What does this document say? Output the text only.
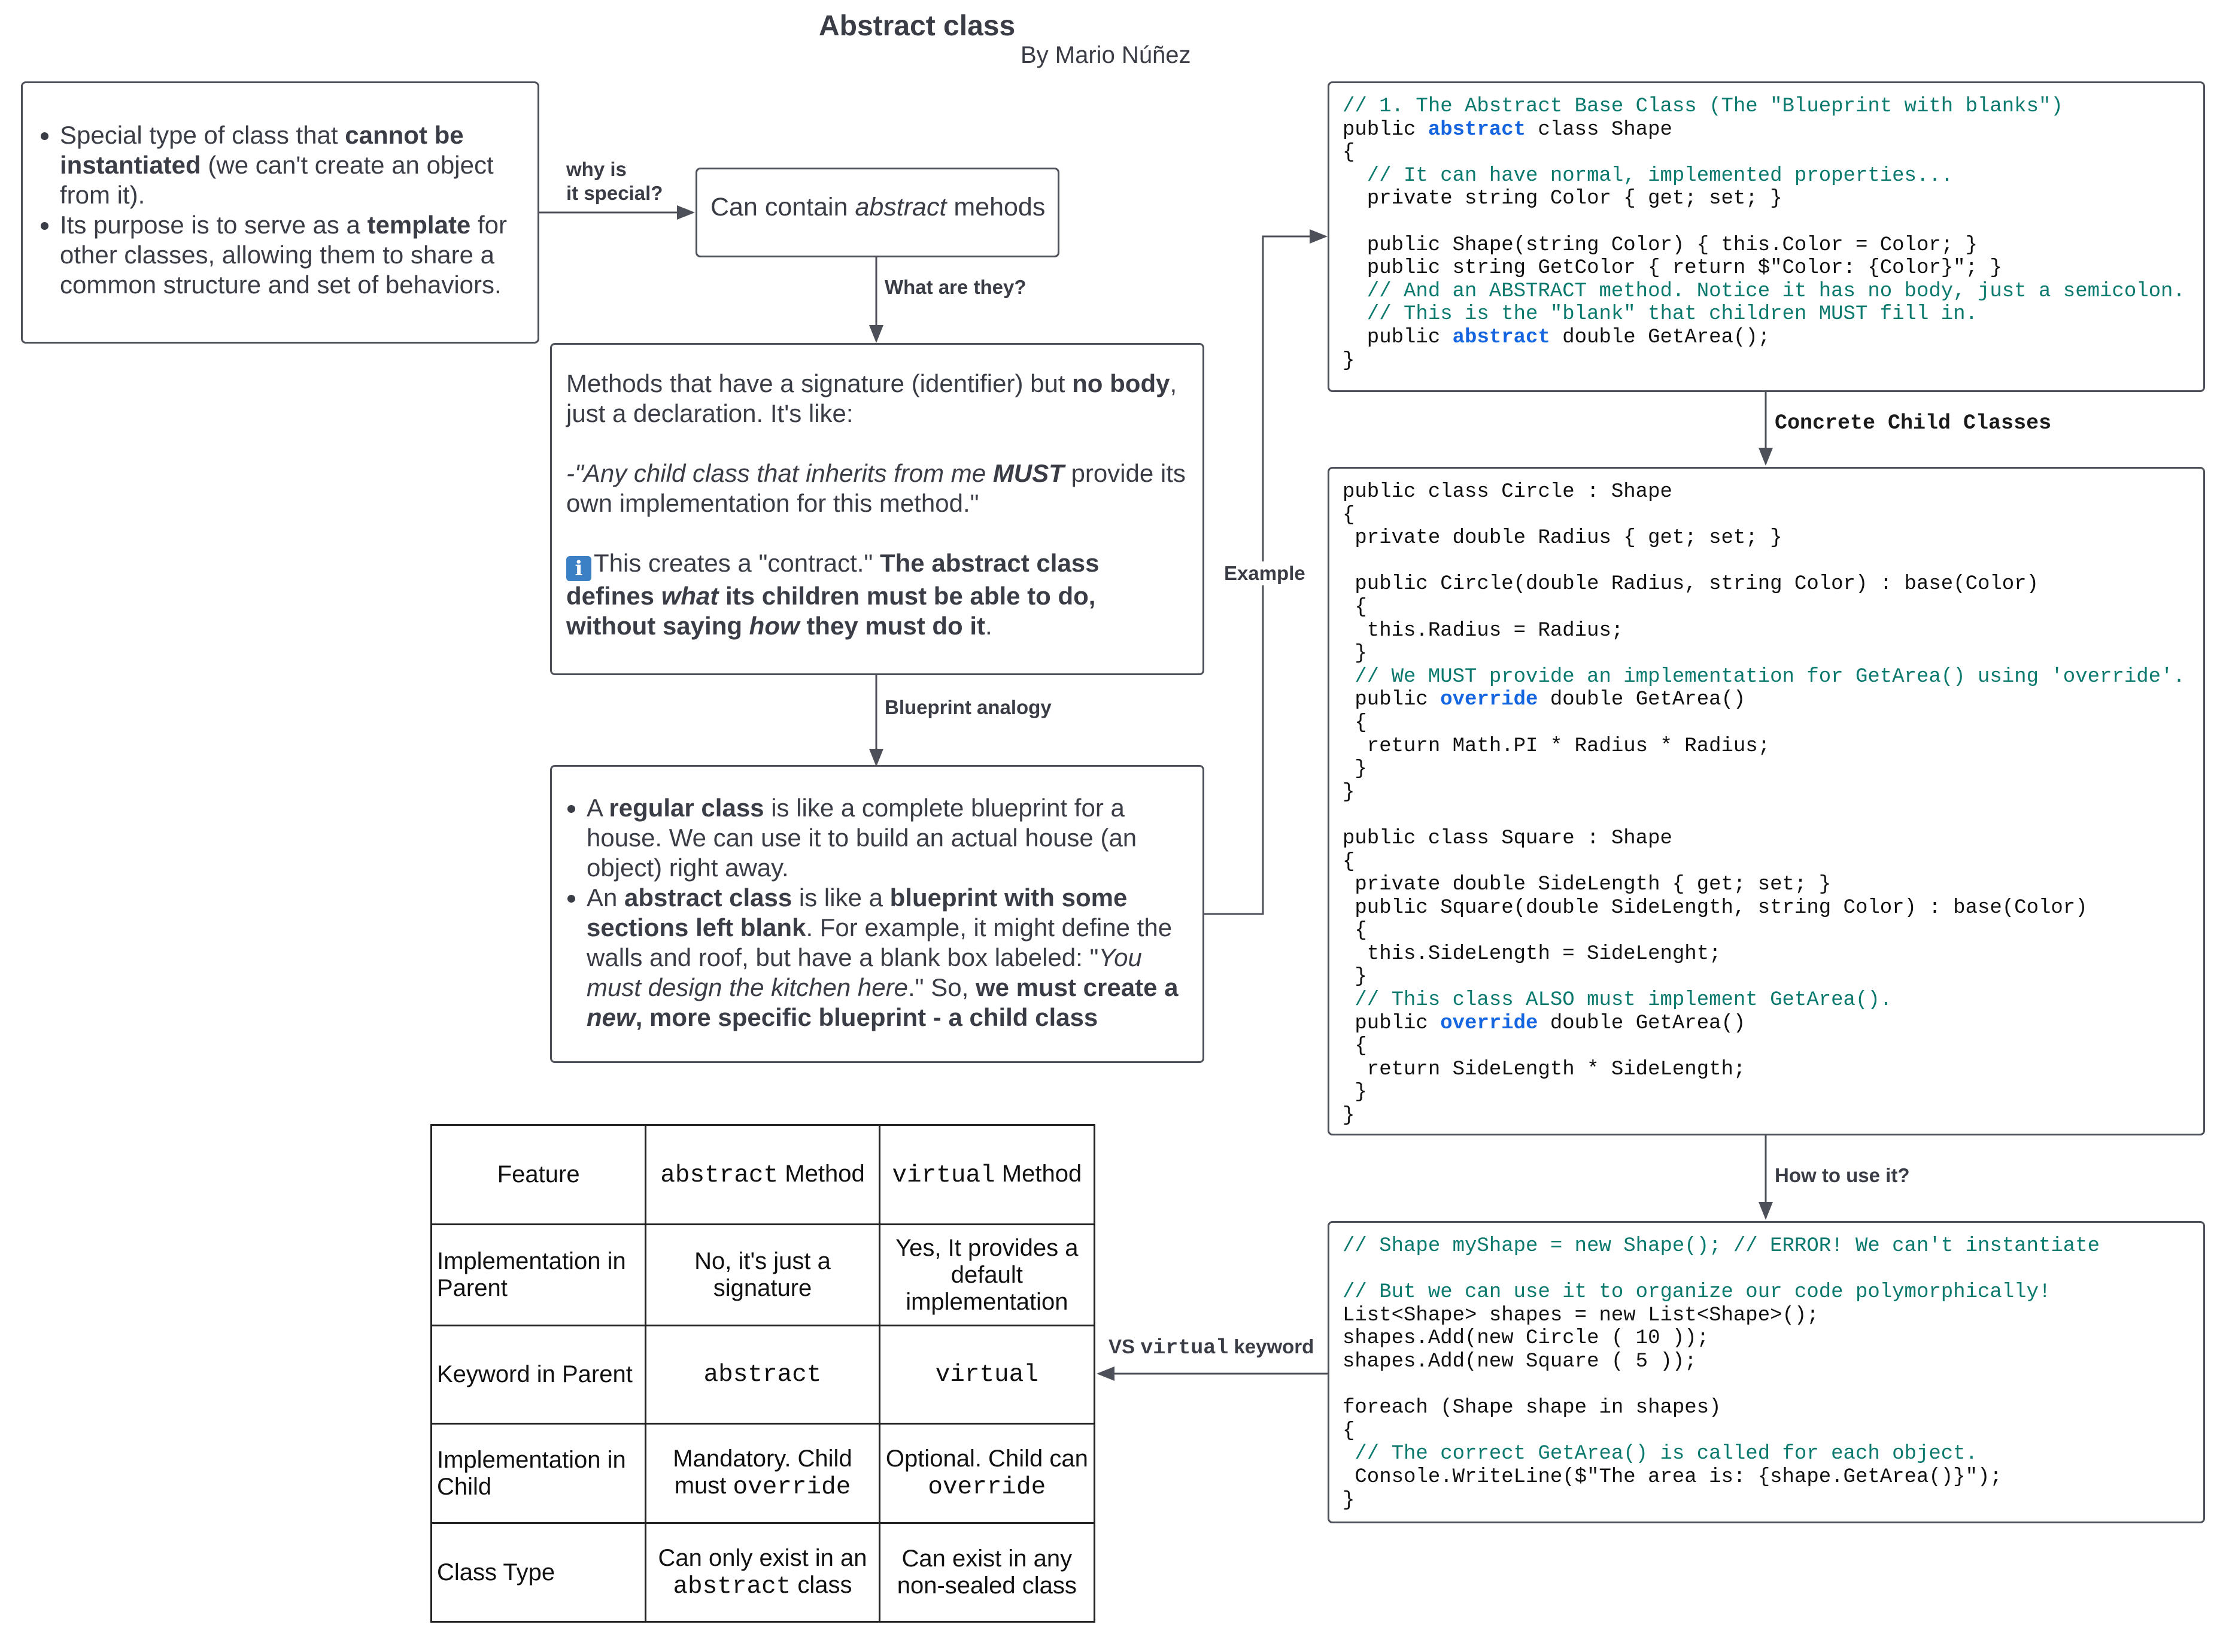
Abstract class
By Mario Núñez
• Special type of class that cannot be instantiated (we can't create an object from it).
• Its purpose is to serve as a template for other classes, allowing them to share a common structure and set of behaviors.
why is
it special?	Can contain abstract mehods
What are they?
Methods that have a signature (identifier) but no body, just a declaration. It's like:
-"Any child class that inherits from me MUST provide its
own implementation for this method."
i This creates a "contract." The abstract class defines what its children must be able to do, without saying how they must do it.
Blueprint analogy
• A regular class is like a complete blueprint for a house. We can use it to build an actual house (an object) right away.
• An abstract class is like a blueprint with some sections left blank. For example, it might define the walls and roof, but have a blank box labeled: "You must design the kitchen here." So, we must create a new, more specific blueprint - a child class
Example
// 1. The Abstract Base Class (The "Blueprint with blanks")
public abstract class Shape
{
// It can have normal, implemented properties...
private string Color { get; set; }

public Shape(string Color) { this.Color = Color; }
public string GetColor { return $"Color: {Color}"; }
// And an ABSTRACT method. Notice it has no body, just a semicolon.
// This is the "blank" that children MUST fill in.
public abstract double GetArea();
}
Concrete Child Classes
public class Circle : Shape
{
private double Radius { get; set; }

public Circle(double Radius, string Color) : base(Color)
{
this.Radius = Radius;
}
// We MUST provide an implementation for GetArea() using 'override'.
public override double GetArea()
{
return Math.PI * Radius * Radius;
}
}

public class Square : Shape
{
private double SideLength { get; set; }
public Square(double SideLength, string Color) : base(Color)
{
this.SideLength = SideLenght;
}
// This class ALSO must implement GetArea().
public override double GetArea()
{
return SideLength * SideLength;
}
}
How to use it?
// Shape myShape = new Shape(); // ERROR! We can't instantiate

// But we can use it to organize our code polymorphically!
List<Shape> shapes = new List<Shape>();
shapes.Add(new Circle ( 10 ));
shapes.Add(new Square ( 5 ));

foreach (Shape shape in shapes)
{
// The correct GetArea() is called for each object.
Console.WriteLine($"The area is: {shape.GetArea()}");
}
VS virtual keyword
Feature	abstract Method	virtual Method
Implementation in Parent	No, it's just a signature	Yes, It provides a default implementation
Keyword in Parent	abstract	virtual
Implementation in Child	Mandatory. Child must override	Optional. Child can override
Class Type	Can only exist in an abstract class	Can exist in any non-sealed class
